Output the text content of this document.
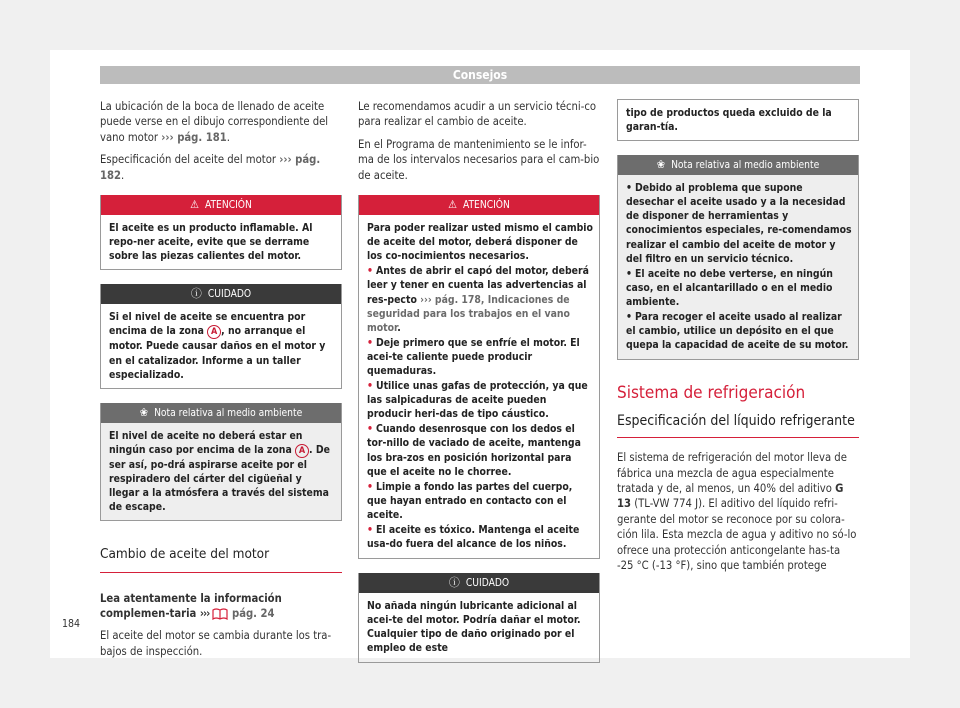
Consejos

La ubicación de la boca de llenado de aceite puede verse en el dibujo correspondiente del vano motor ››› pág. 181.

Especificación del aceite del motor ››› pág. 182.

⚠ ATENCIÓN
El aceite es un producto inflamable. Al repo-ner aceite, evite que se derrame sobre las piezas calientes del motor.
ⓘ CUIDADO
Si el nivel de aceite se encuentra por encima de la zona A , no arranque el motor. Puede causar daños en el motor y en el catalizador. Informe a un taller especializado.
❀ Nota relativa al medio ambiente
El nivel de aceite no deberá estar en ningún caso por encima de la zona A . De ser así, po-drá aspirarse aceite por el respiradero del cárter del cigüeñal y llegar a la atmósfera a través del sistema de escape.
Cambio de aceite del motor

Lea atentamente la información complemen-taria ›››  pág. 24

El aceite del motor se cambia durante los tra-bajos de inspección.

Le recomendamos acudir a un servicio técni-co para realizar el cambio de aceite.

En el Programa de mantenimiento se le infor-ma de los intervalos necesarios para el cam-bio de aceite.

⚠ ATENCIÓN
Para poder realizar usted mismo el cambio de aceite del motor, deberá disponer de los co-nocimientos necesarios.
• Antes de abrir el capó del motor, deberá leer y tener en cuenta las advertencias al res-pecto ››› pág. 178, Indicaciones de seguridad para los trabajos en el vano motor.
• Deje primero que se enfríe el motor. El acei-te caliente puede producir quemaduras.
• Utilice unas gafas de protección, ya que las salpicaduras de aceite pueden producir heri-das de tipo cáustico.
• Cuando desenrosque con los dedos el tor-nillo de vaciado de aceite, mantenga los bra-zos en posición horizontal para que el aceite no le chorree.
• Limpie a fondo las partes del cuerpo, que hayan entrado en contacto con el aceite.
• El aceite es tóxico. Mantenga el aceite usa-do fuera del alcance de los niños.
ⓘ CUIDADO
No añada ningún lubricante adicional al acei-te del motor. Podría dañar el motor. Cualquier tipo de daño originado por el empleo de este
tipo de productos queda excluido de la garan-tía.
❀ Nota relativa al medio ambiente
• Debido al problema que supone desechar el aceite usado y a la necesidad de disponer de herramientas y conocimientos especiales, re-comendamos realizar el cambio del aceite de motor y del filtro en un servicio técnico.
• El aceite no debe verterse, en ningún caso, en el alcantarillado o en el medio ambiente.
• Para recoger el aceite usado al realizar el cambio, utilice un depósito en el que quepa la capacidad de aceite de su motor.
Sistema de refrigeración
Especificación del líquido refrigerante

El sistema de refrigeración del motor lleva de fábrica una mezcla de agua especialmente tratada y de, al menos, un 40% del aditivo G 13 (TL-VW 774 J). El aditivo del líquido refri-gerante del motor se reconoce por su colora-ción lila. Esta mezcla de agua y aditivo no só-lo ofrece una protección anticongelante has-ta -25 °C (-13 °F), sino que también protege

184
